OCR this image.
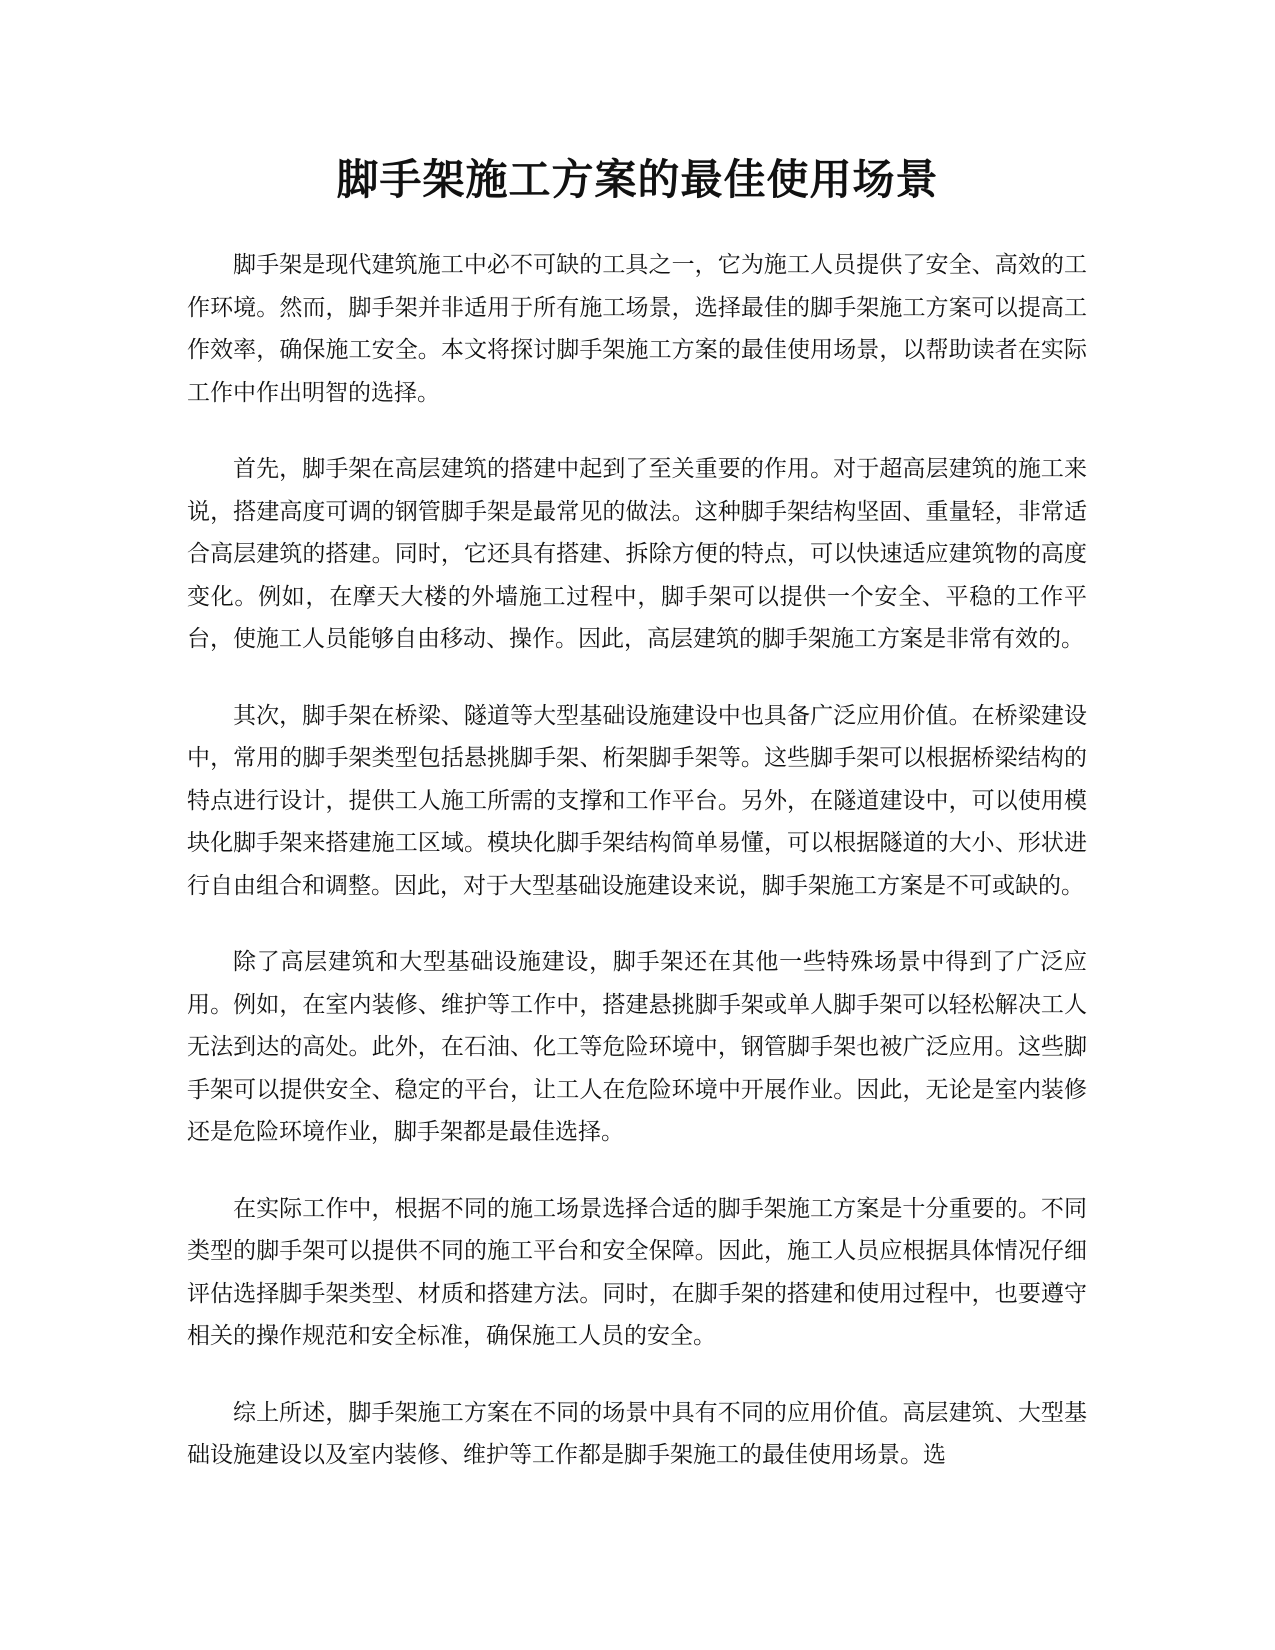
脚手架施工方案的最佳使用场景

脚手架是现代建筑施工中必不可缺的工具之一，它为施工人员提供了安全、高效的工作环境。然而，脚手架并非适用于所有施工场景，选择最佳的脚手架施工方案可以提高工作效率，确保施工安全。本文将探讨脚手架施工方案的最佳使用场景，以帮助读者在实际工作中作出明智的选择。

首先，脚手架在高层建筑的搭建中起到了至关重要的作用。对于超高层建筑的施工来说，搭建高度可调的钢管脚手架是最常见的做法。这种脚手架结构坚固、重量轻，非常适合高层建筑的搭建。同时，它还具有搭建、拆除方便的特点，可以快速适应建筑物的高度变化。例如，在摩天大楼的外墙施工过程中，脚手架可以提供一个安全、平稳的工作平台，使施工人员能够自由移动、操作。因此，高层建筑的脚手架施工方案是非常有效的。

其次，脚手架在桥梁、隧道等大型基础设施建设中也具备广泛应用价值。在桥梁建设中，常用的脚手架类型包括悬挑脚手架、桁架脚手架等。这些脚手架可以根据桥梁结构的特点进行设计，提供工人施工所需的支撑和工作平台。另外，在隧道建设中，可以使用模块化脚手架来搭建施工区域。模块化脚手架结构简单易懂，可以根据隧道的大小、形状进行自由组合和调整。因此，对于大型基础设施建设来说，脚手架施工方案是不可或缺的。

除了高层建筑和大型基础设施建设，脚手架还在其他一些特殊场景中得到了广泛应用。例如，在室内装修、维护等工作中，搭建悬挑脚手架或单人脚手架可以轻松解决工人无法到达的高处。此外，在石油、化工等危险环境中，钢管脚手架也被广泛应用。这些脚手架可以提供安全、稳定的平台，让工人在危险环境中开展作业。因此，无论是室内装修还是危险环境作业，脚手架都是最佳选择。

在实际工作中，根据不同的施工场景选择合适的脚手架施工方案是十分重要的。不同类型的脚手架可以提供不同的施工平台和安全保障。因此，施工人员应根据具体情况仔细评估选择脚手架类型、材质和搭建方法。同时，在脚手架的搭建和使用过程中，也要遵守相关的操作规范和安全标准，确保施工人员的安全。

综上所述，脚手架施工方案在不同的场景中具有不同的应用价值。高层建筑、大型基础设施建设以及室内装修、维护等工作都是脚手架施工的最佳使用场景。选
